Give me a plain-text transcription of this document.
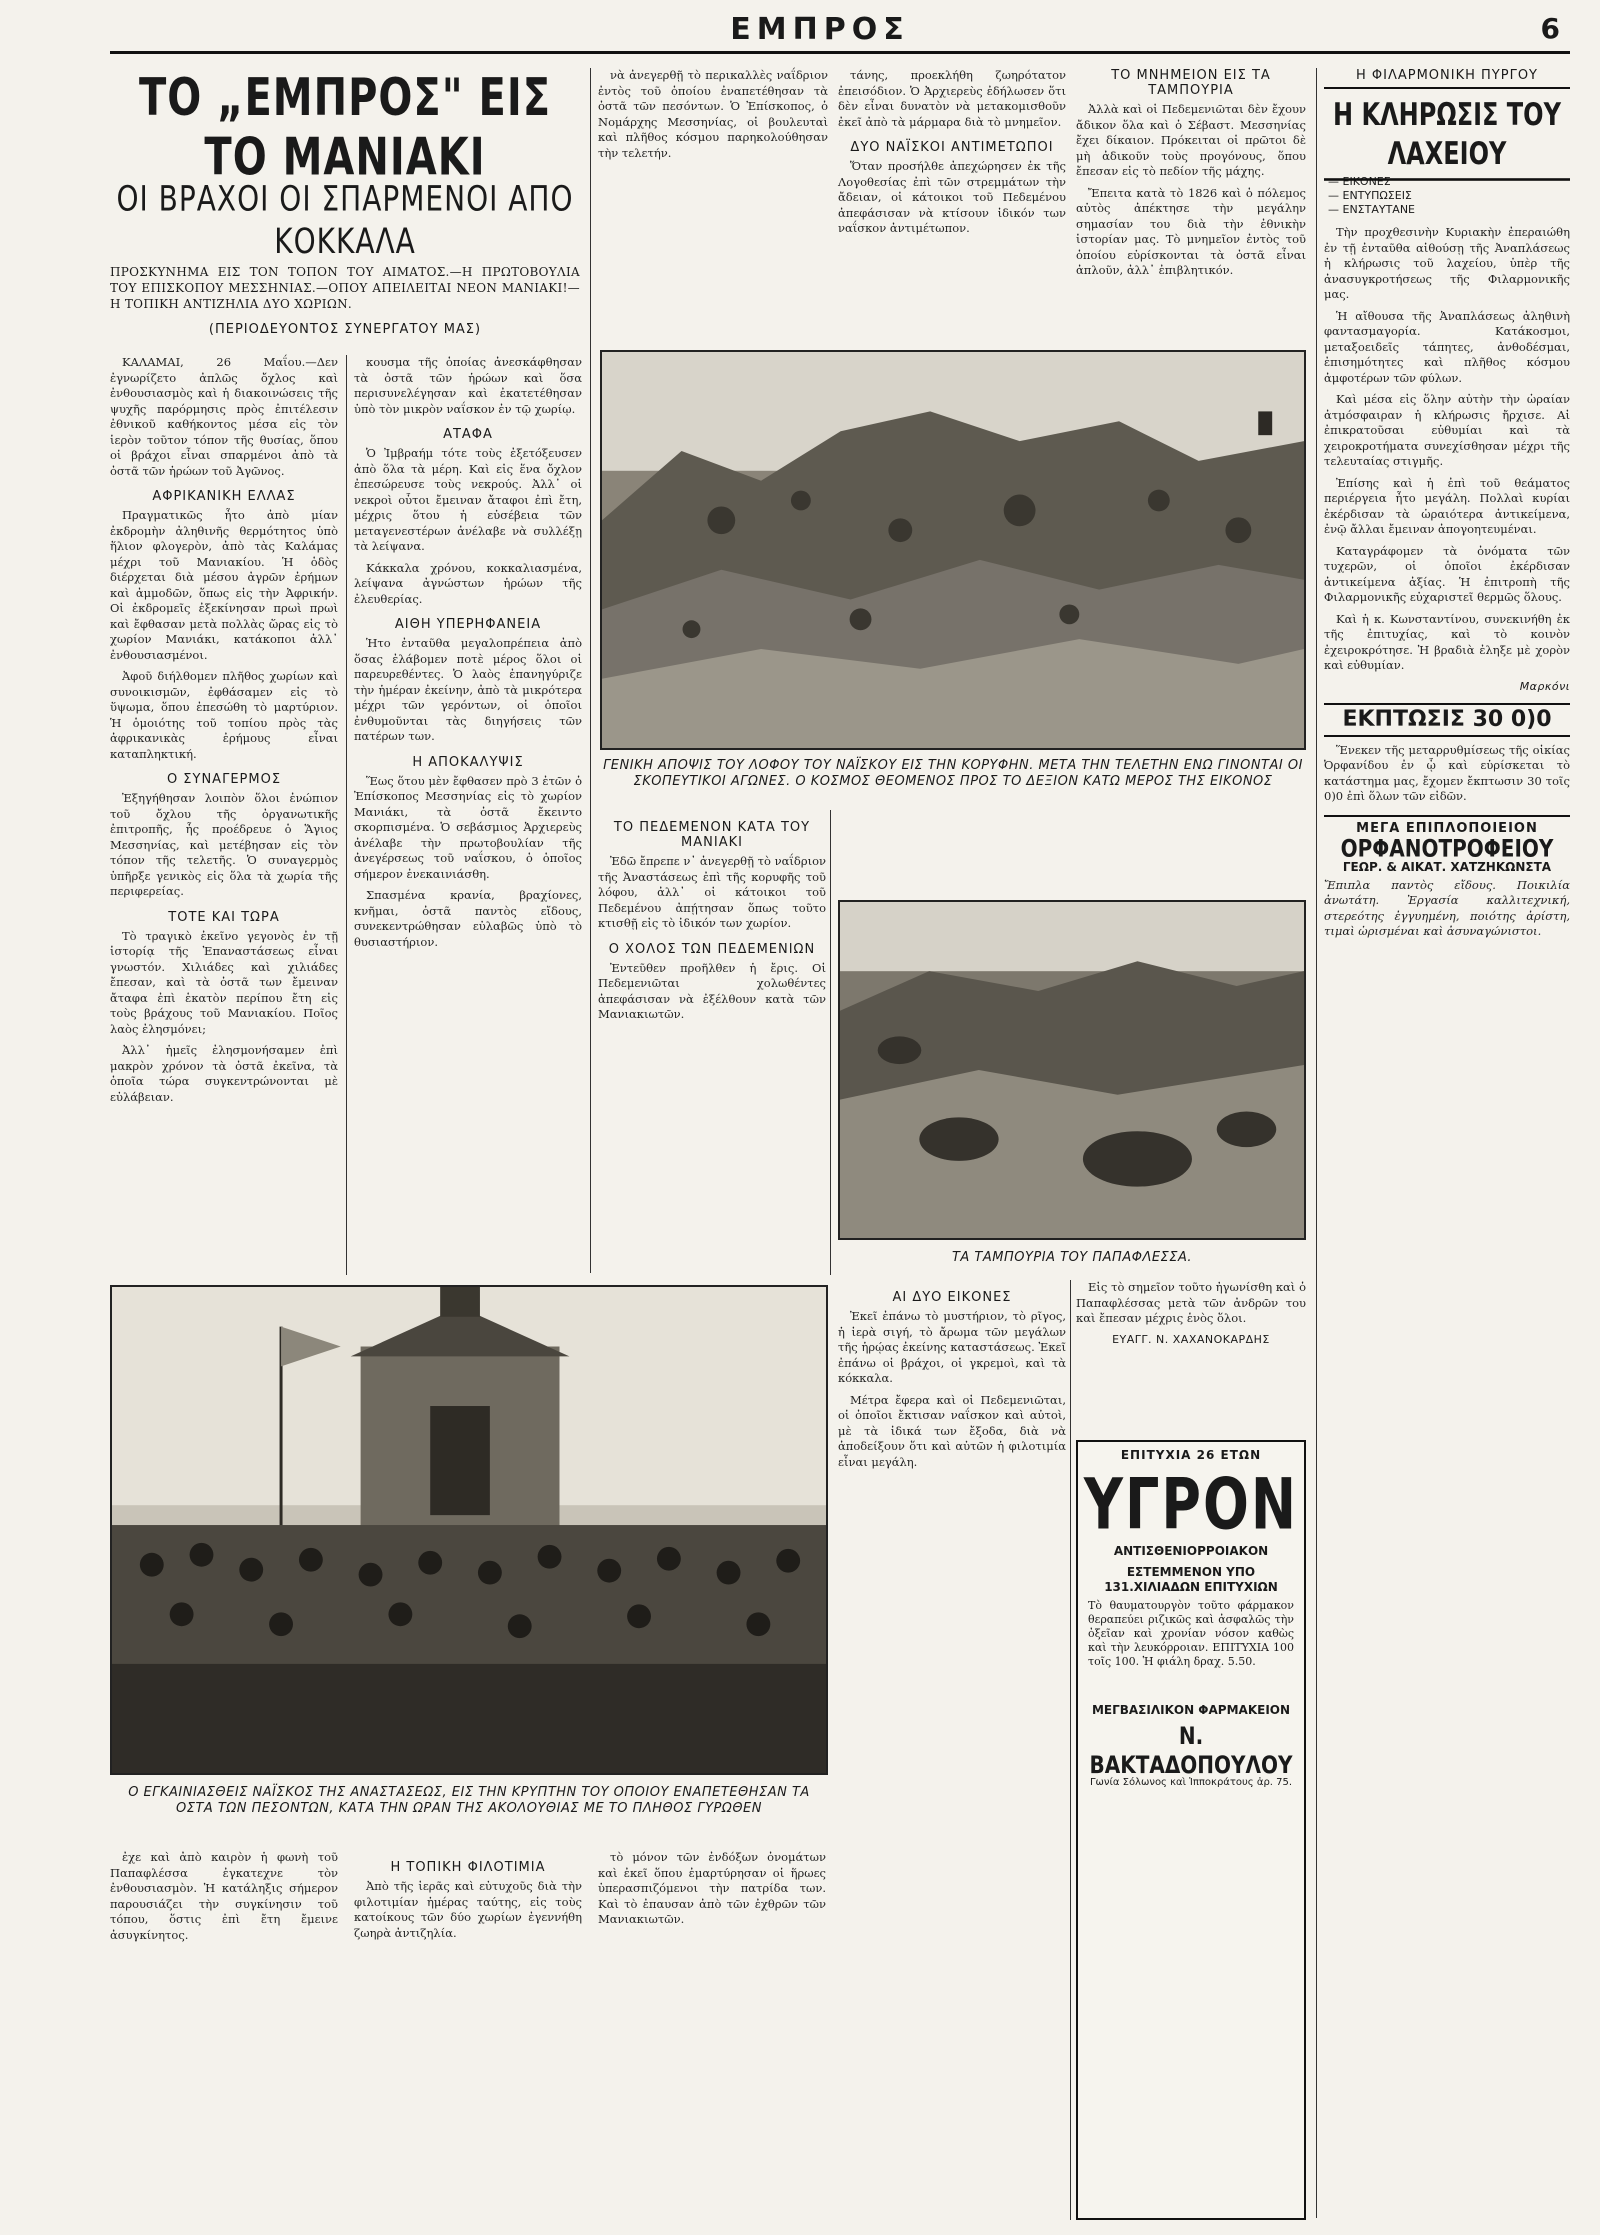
ΕΜΠΡΟΣ	6
ΤΟ „ΕΜΠΡΟΣ" ΕΙΣ ΤΟ ΜΑΝΙΑΚΙ
ΟΙ ΒΡΑΧΟΙ ΟΙ ΣΠΑΡΜΕΝΟΙ ΑΠΟ ΚΟΚΚΑΛΑ
ΠΡΟΣΚΥΝΗΜΑ ΕΙΣ ΤΟΝ ΤΟΠΟΝ ΤΟΥ ΑΙΜΑΤΟΣ.—Η ΠΡΩΤΟΒΟΥΛΙΑ ΤΟΥ ΕΠΙΣΚΟΠΟΥ ΜΕΣΣΗΝΙΑΣ.—ΟΠΟΥ ΑΠΕΙΛΕΙΤΑΙ ΝΕΟΝ ΜΑΝΙΑΚΙ!—Η ΤΟΠΙΚΗ ΑΝΤΙΖΗΛΙΑ ΔΥΟ ΧΩΡΙΩΝ.
(ΠΕΡΙΟΔΕΥΟΝΤΟΣ ΣΥΝΕΡΓΑΤΟΥ ΜΑΣ)

ΚΑΛΑΜΑΙ, 26 Μαΐου.—Δεν ἐγνωρίζετο ἀπλῶς ὄχλος καὶ ἐνθουσιασμὸς καὶ ἡ διακοινώσεις τῆς ψυχῆς παρόρμησις πρὸς ἐπιτέλεσιν ἐθνικοῦ καθήκοντος μέσα εἰς τὸν ἱερὸν τοῦτον τόπον τῆς θυσίας, ὅπου οἱ βράχοι εἶναι σπαρμένοι ἀπὸ τὰ ὀστᾶ τῶν ἡρώων τοῦ Ἀγῶνος.

ΑΦΡΙΚΑΝΙΚΗ ΕΛΛΑΣ

Πραγματικῶς ἦτο ἀπὸ μίαν ἐκδρομὴν ἀληθινῆς θερμότητος ὑπὸ ἥλιον φλογερὸν, ἀπὸ τὰς Καλάμας μέχρι τοῦ Μανιακίου. Ἡ ὁδὸς διέρχεται διὰ μέσου ἀγρῶν ἐρήμων καὶ ἀμμοδῶν, ὅπως εἰς τὴν Ἀφρικήν. Οἱ ἐκδρομεῖς ἐξεκίνησαν πρωὶ πρωὶ καὶ ἔφθασαν μετὰ πολλὰς ὥρας εἰς τὸ χωρίον Μανιάκι, κατάκοποι ἀλλ᾽ ἐνθουσιασμένοι.

Ἀφοῦ διήλθομεν πλῆθος χωρίων καὶ συνοικισμῶν, ἐφθάσαμεν εἰς τὸ ὕψωμα, ὅπου ἐπεσώθη τὸ μαρτύριον. Ἡ ὁμοιότης τοῦ τοπίου πρὸς τὰς ἀφρικανικὰς ἐρήμους εἶναι καταπληκτική.

Ο ΣΥΝΑΓΕΡΜΟΣ

Ἐξηγήθησαν λοιπὸν ὅλοι ἐνώπιον τοῦ ὄχλου τῆς ὀργανωτικῆς ἐπιτροπῆς, ἧς προέδρευε ὁ Ἅγιος Μεσσηνίας, καὶ μετέβησαν εἰς τὸν τόπον τῆς τελετῆς. Ὁ συναγερμὸς ὑπῆρξε γενικὸς εἰς ὅλα τὰ χωρία τῆς περιφερείας.

ΤΟΤΕ ΚΑΙ ΤΩΡΑ

Τὸ τραγικὸ ἐκεῖνο γεγονὸς ἐν τῇ ἱστορίᾳ τῆς Ἐπαναστάσεως εἶναι γνωστόν. Χιλιάδες καὶ χιλιάδες ἔπεσαν, καὶ τὰ ὀστᾶ των ἔμειναν ἄταφα ἐπὶ ἑκατὸν περίπου ἔτη εἰς τοὺς βράχους τοῦ Μανιακίου. Ποῖος λαὸς ἐλησμόνει;

Ἀλλ᾽ ἡμεῖς ἐλησμονήσαμεν ἐπὶ μακρὸν χρόνον τὰ ὀστᾶ ἐκεῖνα, τὰ ὁποῖα τώρα συγκεντρώνονται μὲ εὐλάβειαν.

κουσμα τῆς ὁποίας ἀνεσκάφθησαν τὰ ὀστᾶ τῶν ἡρώων καὶ ὅσα περισυνελέγησαν καὶ ἐκατετέθησαν ὑπὸ τὸν μικρὸν ναΐσκον ἐν τῷ χωρίῳ.

ΑΤΑΦΑ

Ὁ Ἰμβραήμ τότε τοὺς ἐξετόξευσεν ἀπὸ ὅλα τὰ μέρη. Καὶ εἰς ἕνα ὄχλον ἐπεσώρευσε τοὺς νεκρούς. Ἀλλ᾽ οἱ νεκροὶ οὗτοι ἔμειναν ἄταφοι ἐπὶ ἔτη, μέχρις ὅτου ἡ εὐσέβεια τῶν μεταγενεστέρων ἀνέλαβε νὰ συλλέξῃ τὰ λείψανα.

Κάκκαλα χρόνου, κοκκαλιασμένα, λείψανα ἀγνώστων ἡρώων τῆς ἐλευθερίας.

ΑΙΘΗ ΥΠΕΡΗΦΑΝΕΙΑ

Ἡτο ἐνταῦθα μεγαλοπρέπεια ἀπὸ ὅσας ἐλάβομεν ποτὲ μέρος ὅλοι οἱ παρευρεθέντες. Ὁ λαὸς ἐπανηγύριζε τὴν ἡμέραν ἐκείνην, ἀπὸ τὰ μικρότερα μέχρι τῶν γερόντων, οἱ ὁποῖοι ἐνθυμοῦνται τὰς διηγήσεις τῶν πατέρων των.

Η ΑΠΟΚΑΛΥΨΙΣ

Ἕως ὅτου μὲν ἔφθασεν πρὸ 3 ἐτῶν ὁ Ἐπίσκοπος Μεσσηνίας εἰς τὸ χωρίον Μανιάκι, τὰ ὀστᾶ ἔκειντο σκορπισμένα. Ὁ σεβάσμιος Ἀρχιερεὺς ἀνέλαβε τὴν πρωτοβουλίαν τῆς ἀνεγέρσεως τοῦ ναΐσκου, ὁ ὁποῖος σήμερον ἐνεκαινιάσθη.

Σπασμένα κρανία, βραχίονες, κνῆμαι, ὀστᾶ παντὸς εἴδους, συνεκεντρώθησαν εὐλαβῶς ὑπὸ τὸ θυσιαστήριον.

νὰ ἀνεγερθῇ τὸ περικαλλὲς ναΐδριον ἐντὸς τοῦ ὁποίου ἐναπετέθησαν τὰ ὀστᾶ τῶν πεσόντων. Ὁ Ἐπίσκοπος, ὁ Νομάρχης Μεσσηνίας, οἱ βουλευταὶ καὶ πλῆθος κόσμου παρηκολούθησαν τὴν τελετήν.

τάνης, προεκλήθη ζωηρότατον ἐπεισόδιον. Ὁ Ἀρχιερεὺς ἐδήλωσεν ὅτι δὲν εἶναι δυνατὸν νὰ μετακομισθοῦν ἐκεῖ ἀπὸ τὰ μάρμαρα διὰ τὸ μνημεῖον.

ΔΥΟ ΝΑΪΣΚΟΙ ΑΝΤΙΜΕΤΩΠΟΙ

Ὅταν προσήλθε ἀπεχώρησεν ἐκ τῆς Λογοθεσίας ἐπὶ τῶν στρεμμάτων τὴν ἄδειαν, οἱ κάτοικοι τοῦ Πεδεμένου ἀπεφάσισαν νὰ κτίσουν ἰδικόν των ναΐσκον ἀντιμέτωπον.

ΤΟ ΜΝΗΜΕΙΟΝ ΕΙΣ ΤΑ ΤΑΜΠΟΥΡΙΑ

Ἀλλὰ καὶ οἱ Πεδεμενιῶται δὲν ἔχουν ἄδικον ὅλα καὶ ὁ Σέβαστ. Μεσσηνίας ἔχει δίκαιον. Πρόκειται οἱ πρῶτοι δὲ μὴ ἀδικοῦν τοὺς προγόνους, ὅπου ἔπεσαν εἰς τὸ πεδίον τῆς μάχης.

Ἔπειτα κατὰ τὸ 1826 καὶ ὁ πόλεμος αὐτὸς ἀπέκτησε τὴν μεγάλην σημασίαν του διὰ τὴν ἐθνικὴν ἱστορίαν μας. Τὸ μνημεῖον ἐντὸς τοῦ ὁποίου εὑρίσκονται τὰ ὀστᾶ εἶναι ἀπλοῦν, ἀλλ᾽ ἐπιβλητικόν.

ΓΕΝΙΚΗ ΑΠΟΨΙΣ ΤΟΥ ΛΟΦΟΥ ΤΟΥ ΝΑΪΣΚΟΥ ΕΙΣ ΤΗΝ ΚΟΡΥΦΗΝ. ΜΕΤΑ ΤΗΝ ΤΕΛΕΤΗΝ ΕΝΩ ΓΙΝΟΝΤΑΙ ΟΙ ΣΚΟΠΕΥΤΙΚΟΙ ΑΓΩΝΕΣ. Ο ΚΟΣΜΟΣ ΘΕΟΜΕΝΟΣ ΠΡΟΣ ΤΟ ΔΕΞΙΟΝ ΚΑΤΩ ΜΕΡΟΣ ΤΗΣ ΕΙΚΟΝΟΣ
ΤΟ ΠΕΔΕΜΕΝΟΝ ΚΑΤΑ ΤΟΥ ΜΑΝΙΑΚΙ

Ἐδῶ ἔπρεπε ν᾽ ἀνεγερθῇ τὸ ναΐδριον τῆς Ἀναστάσεως ἐπὶ τῆς κορυφῆς τοῦ λόφου, ἀλλ᾽ οἱ κάτοικοι τοῦ Πεδεμένου ἀπῄτησαν ὅπως τοῦτο κτισθῇ εἰς τὸ ἰδικόν των χωρίον.

Ο ΧΟΛΟΣ ΤΩΝ ΠΕΔΕΜΕΝΙΩΝ

Ἐντεῦθεν προῆλθεν ἡ ἔρις. Οἱ Πεδεμενιῶται χολωθέντες ἀπεφάσισαν νὰ ἐξέλθουν κατὰ τῶν Μανιακιωτῶν.

ΤΑ ΤΑΜΠΟΥΡΙΑ ΤΟΥ ΠΑΠΑΦΛΕΣΣΑ.
Ο ΕΓΚΑΙΝΙΑΣΘΕΙΣ ΝΑΪΣΚΟΣ ΤΗΣ ΑΝΑΣΤΑΣΕΩΣ, ΕΙΣ ΤΗΝ ΚΡΥΠΤΗΝ ΤΟΥ ΟΠΟΙΟΥ ΕΝΑΠΕΤΕΘΗΣΑΝ ΤΑ ΟΣΤΑ ΤΩΝ ΠΕΣΟΝΤΩΝ, ΚΑΤΑ ΤΗΝ ΩΡΑΝ ΤΗΣ ΑΚΟΛΟΥΘΙΑΣ ΜΕ ΤΟ ΠΛΗΘΟΣ ΓΥΡΩΘΕΝ

ἐχε καὶ ἀπὸ καιρὸν ἡ φωνὴ τοῦ Παπαφλέσσα ἐγκατεχνε τὸν ἐνθουσιασμὸν. Ἡ κατάληξις σήμερον παρουσιάζει τὴν συγκίνησιν τοῦ τόπου, ὅστις ἐπὶ ἔτη ἔμεινε ἀσυγκίνητος.

Η ΤΟΠΙΚΗ ΦΙΛΟΤΙΜΙΑ

Ἀπὸ τῆς ἱερᾶς καὶ εὐτυχοῦς διὰ τὴν φιλοτιμίαν ἡμέρας ταύτης, εἰς τοὺς κατοίκους τῶν δύο χωρίων ἐγεννήθη ζωηρὰ ἀντιζηλία.

τὸ μόνον τῶν ἐνδόξων ὀνομάτων καὶ ἐκεῖ ὅπου ἐμαρτύρησαν οἱ ἥρωες ὑπερασπιζόμενοι τὴν πατρίδα των. Καὶ τὸ ἐπαυσαν ἀπὸ τῶν ἐχθρῶν τῶν Μανιακιωτῶν.

ΑΙ ΔΥΟ ΕΙΚΟΝΕΣ

Ἐκεῖ ἐπάνω τὸ μυστήριον, τὸ ρῖγος, ἡ ἱερὰ σιγή, τὸ ἄρωμα τῶν μεγάλων τῆς ἡρῴας ἐκείνης καταστάσεως. Ἐκεῖ ἐπάνω οἱ βράχοι, οἱ γκρεμοὶ, καὶ τὰ κόκκαλα.

Μέτρα ἔφερα καὶ οἱ Πεδεμενιῶται, οἱ ὁποῖοι ἔκτισαν ναΐσκον καὶ αὐτοὶ, μὲ τὰ ἰδικά των ἔξοδα, διὰ νὰ ἀποδείξουν ὅτι καὶ αὐτῶν ἡ φιλοτιμία εἶναι μεγάλη.

Εἰς τὸ σημεῖον τοῦτο ἠγωνίσθη καὶ ὁ Παπαφλέσσας μετὰ τῶν ἀνδρῶν του καὶ ἔπεσαν μέχρις ἑνὸς ὅλοι.

ΕΥΑΓΓ. Ν. ΧΑΧΑΝΟΚΑΡΔΗΣ
ΕΠΙΤΥΧΙΑ 26 ΕΤΩΝ
ΥΓΡΟΝ
ΑΝΤΙΣΘΕΝΙΟΡΡΟΙΑΚΟΝ
ΕΣΤΕΜΜΕΝΟΝ ΥΠΟ 131.ΧΙΛΙΑΔΩΝ ΕΠΙΤΥΧΙΩΝ
Τὸ θαυματουργὸν τοῦτο φάρμακον θεραπεύει ριζικῶς καὶ ἀσφαλῶς τὴν ὀξεῖαν καὶ χρονίαν νόσον καθὼς καὶ τὴν λευκόρροιαν. ΕΠΙΤΥΧΙΑ 100 τοῖς 100. Ἡ φιάλη δραχ. 5.50.
ΜΕΓΒΑΣΙΛΙΚΟΝ ΦΑΡΜΑΚΕΙΟΝ
Ν. ΒΑΚΤΑΔΟΠΟΥΛΟΥ
Γωνία Σόλωνος καὶ Ἱπποκράτους ἀρ. 75.
Η ΦΙΛΑΡΜΟΝΙΚΗ ΠΥΡΓΟΥ
Η ΚΛΗΡΩΣΙΣ ΤΟΥ ΛΑΧΕΙΟΥ
— ΕΙΚΟΝΕΣ
— ΕΝΤΥΠΩΣΕΙΣ
— ΕΝΣΤΑΥΤΑΝΕ

Τὴν προχθεσινὴν Κυριακὴν ἐπεραιώθη ἐν τῇ ἐνταῦθα αἰθούσῃ τῆς Ἀναπλάσεως ἡ κλήρωσις τοῦ λαχείου, ὑπὲρ τῆς ἀνασυγκροτήσεως τῆς Φιλαρμονικῆς μας.

Ἡ αἴθουσα τῆς Ἀναπλάσεως ἀληθινὴ φαντασμαγορία. Κατάκοσμοι, μεταξοειδεῖς τάπητες, ἀνθοδέσμαι, ἐπισημότητες καὶ πλῆθος κόσμου ἀμφοτέρων τῶν φύλων.

Καὶ μέσα εἰς ὅλην αὐτὴν τὴν ὡραίαν ἀτμόσφαιραν ἡ κλήρωσις ἤρχισε. Αἱ ἐπικρατοῦσαι εὐθυμίαι καὶ τὰ χειροκροτήματα συνεχίσθησαν μέχρι τῆς τελευταίας στιγμῆς.

Ἐπίσης καὶ ἡ ἐπὶ τοῦ θεάματος περιέργεια ἦτο μεγάλη. Πολλαὶ κυρίαι ἐκέρδισαν τὰ ὡραιότερα ἀντικείμενα, ἐνῷ ἄλλαι ἔμειναν ἀπογοητευμέναι.

Καταγράφομεν τὰ ὀνόματα τῶν τυχερῶν, οἱ ὁποῖοι ἐκέρδισαν ἀντικείμενα ἀξίας. Ἡ ἐπιτροπὴ τῆς Φιλαρμονικῆς εὐχαριστεῖ θερμῶς ὅλους.

Καὶ ἡ κ. Κωνσταντίνου, συνεκινήθη ἐκ τῆς ἐπιτυχίας, καὶ τὸ κοινὸν ἐχειροκρότησε. Ἡ βραδιὰ ἐληξε μὲ χορὸν καὶ εὐθυμίαν.

Μαρκόνι
ΕΚΠΤΩΣΙΣ 30 0)0

Ἕνεκεν τῆς μεταρρυθμίσεως τῆς οἰκίας Ὀρφανίδου ἐν ᾧ καὶ εὑρίσκεται τὸ κατάστημα μας, ἔχομεν ἔκπτωσιν 30 τοῖς 0)0 ἐπὶ ὅλων τῶν εἰδῶν.

ΜΕΓΑ ΕΠΙΠΛΟΠΟΙΕΙΟΝ
ΟΡΦΑΝΟΤΡΟΦΕΙΟΥ
ΓΕΩΡ. & ΑΙΚΑΤ. ΧΑΤΖΗΚΩΝΣΤΑ

Ἔπιπλα παντὸς εἴδους. Ποικιλία ἀνωτάτη. Ἐργασία καλλιτεχνική, στερεότης ἐγγυημένη, ποιότης ἀρίστη, τιμαὶ ὡρισμέναι καὶ ἀσυναγώνιστοι.
